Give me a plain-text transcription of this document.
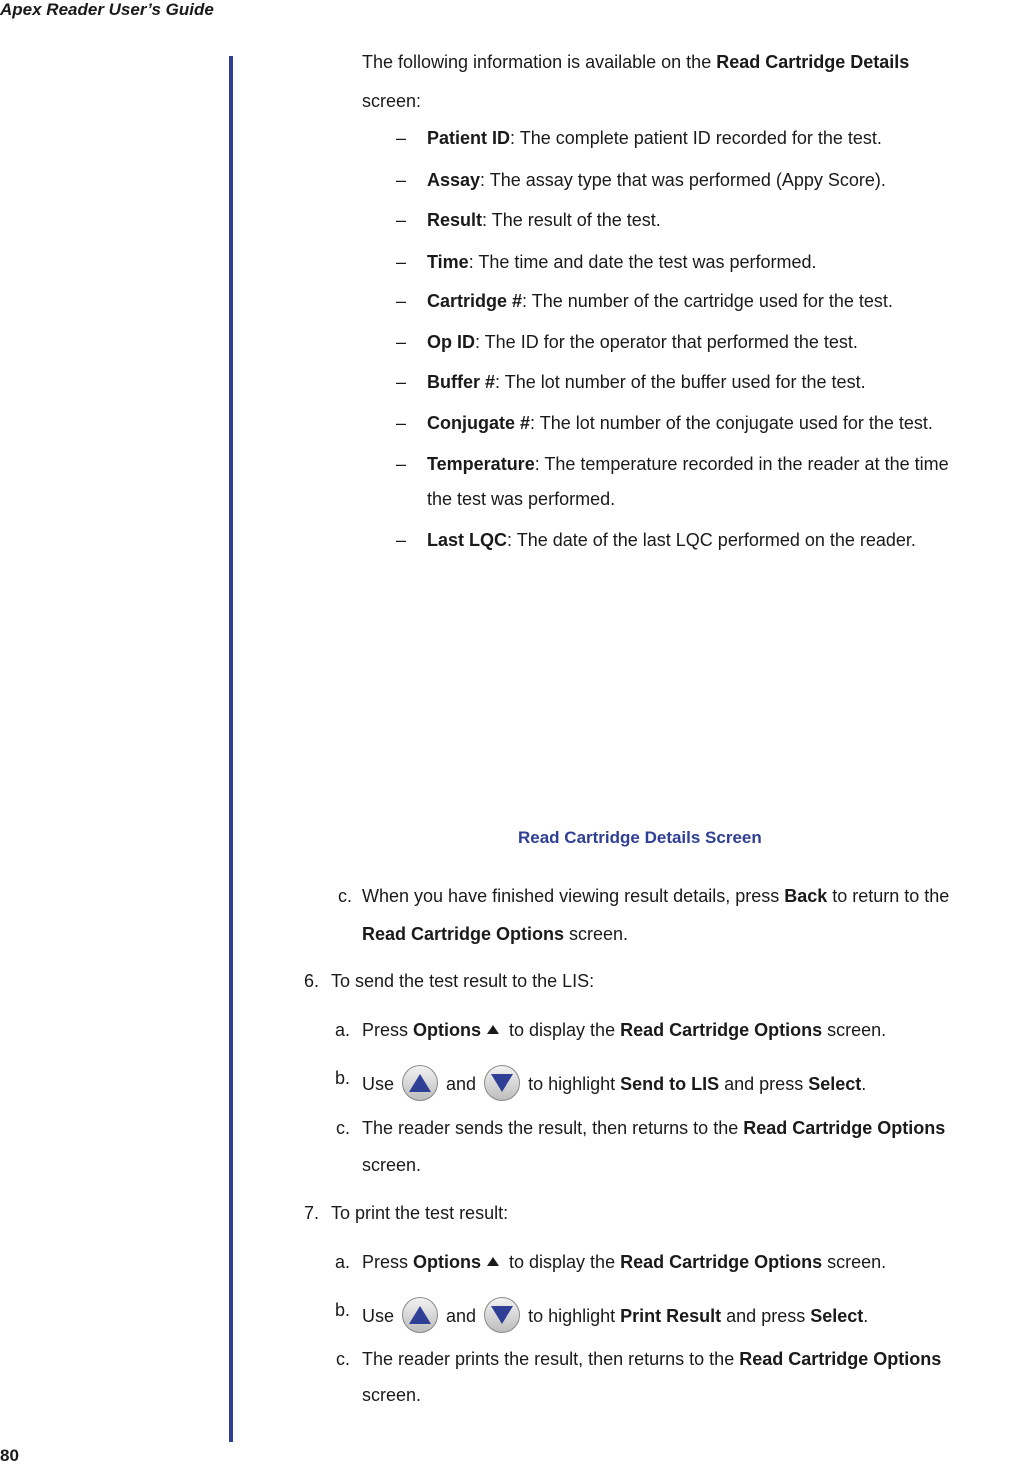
Apex Reader User’s Guide
The following information is available on the Read Cartridge Details
screen:
– Patient ID: The complete patient ID recorded for the test.
– Assay: The assay type that was performed (Appy Score).
– Result: The result of the test.
– Time: The time and date the test was performed.
– Cartridge #: The number of the cartridge used for the test.
– Op ID: The ID for the operator that performed the test.
– Buffer #: The lot number of the buffer used for the test.
– Conjugate #: The lot number of the conjugate used for the test.
– Temperature: The temperature recorded in the reader at the time
the test was performed.
– Last LQC: The date of the last LQC performed on the reader.
Read Cartridge Details Screen
c. When you have finished viewing result details, press Back to return to the
Read Cartridge Options screen.
6. To send the test result to the LIS:
a. Press Options to display the Read Cartridge Options screen.
b. Use	and	to highlight Send to LIS and press Select.
c. The reader sends the result, then returns to the Read Cartridge Options
screen.
7. To print the test result:
a. Press Options to display the Read Cartridge Options screen.
b. Use	and	to highlight Print Result and press Select.
c. The reader prints the result, then returns to the Read Cartridge Options
screen.
80
